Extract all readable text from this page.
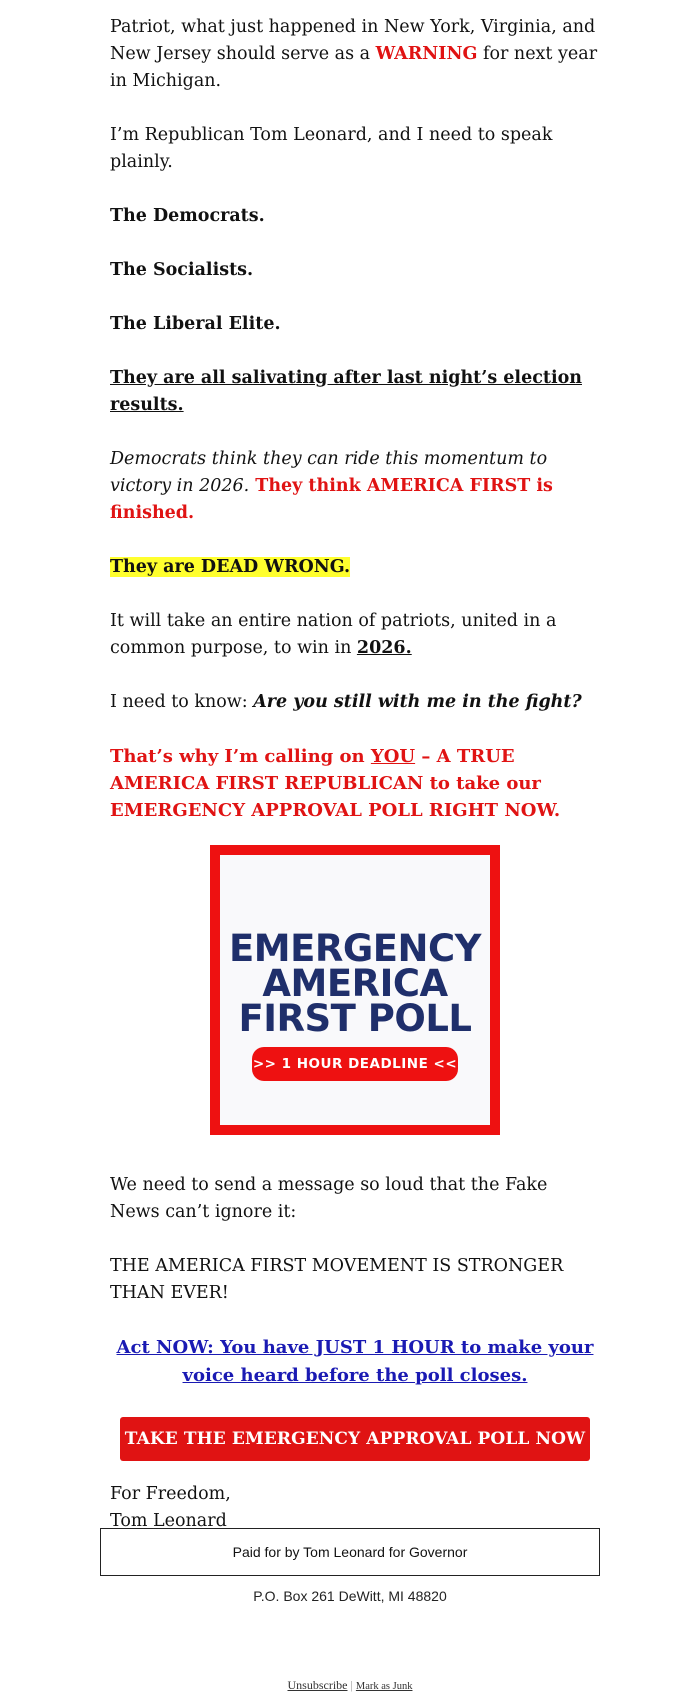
Patriot, what just happened in New York, Virginia, and New Jersey should serve as a WARNING for next year in Michigan.

I’m Republican Tom Leonard, and I need to speak plainly.

The Democrats.

The Socialists.

The Liberal Elite.

They are all salivating after last night’s election results.

Democrats think they can ride this momentum to victory in 2026. They think AMERICA FIRST is finished.

They are DEAD WRONG.

It will take an entire nation of patriots, united in a common purpose, to win in 2026.

I need to know: Are you still with me in the fight?

That’s why I’m calling on YOU – A TRUE AMERICA FIRST REPUBLICAN to take our EMERGENCY APPROVAL POLL RIGHT NOW.

EMERGENCY
AMERICA
FIRST POLL
>> 1 HOUR DEADLINE <<

We need to send a message so loud that the Fake News can’t ignore it:

THE AMERICA FIRST MOVEMENT IS STRONGER THAN EVER!

Act NOW: You have JUST 1 HOUR to make your voice heard before the poll closes.

TAKE THE EMERGENCY APPROVAL POLL NOW

For Freedom,
Tom Leonard

Paid for by Tom Leonard for Governor
P.O. Box 261 DeWitt, MI 48820
Unsubscribe | Mark as Junk
